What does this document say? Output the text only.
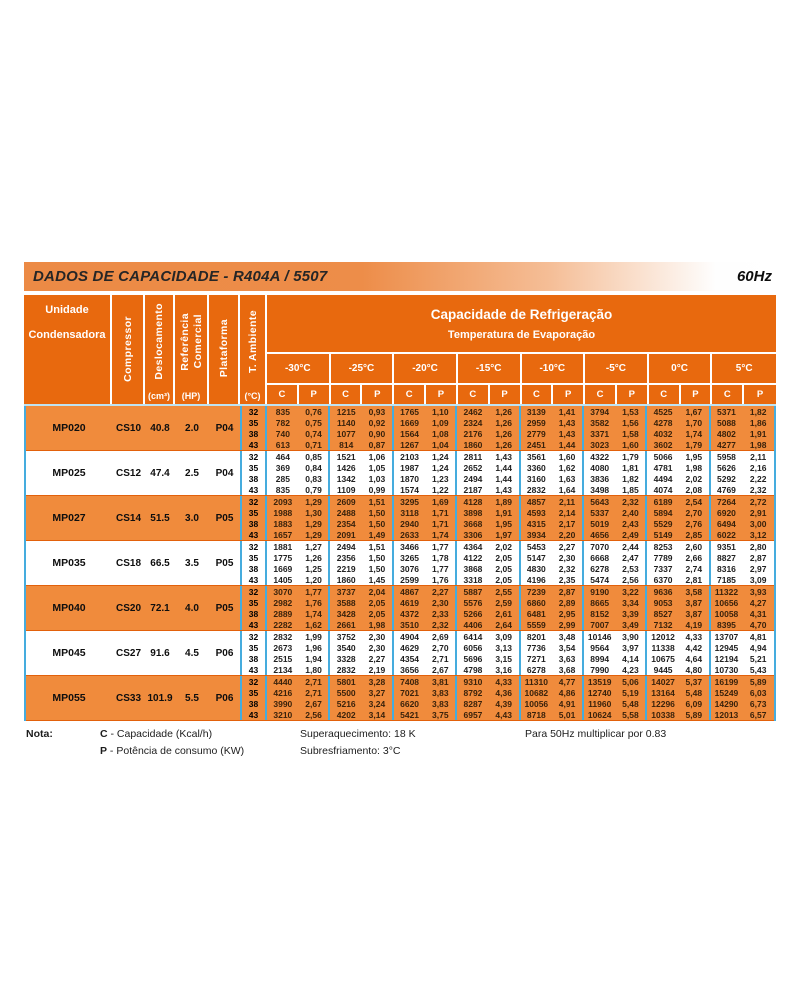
DADOS DE CAPACIDADE - R404A / 5507	60Hz
Unidade
Condensadora Compressor Deslocamento
(cm³)
Referência Comercial
(HP)
Plataforma T. Ambiente
(°C)
Capacidade de Refrigeração
Temperatura de Evaporação
-30°C	-25°C	-20°C	-15°C	-10°C	-5°C	0°C	5°C
C	P	C	P	C	P	C	P	C	P	C	P	C	P	C	P
MP020	CS10 40.8	2.0	P04
32	835	0,76	1215	0,93	1765	1,10	2462	1,26	3139	1,41	3794	1,53	4525	1,67	5371	1,82
35	782	0,75	1140	0,92	1669	1,09	2324	1,26	2959	1,43	3582	1,56	4278	1,70	5088	1,86
38	740	0,74	1077	0,90	1564	1,08	2176	1,26	2779	1,43	3371	1,58	4032	1,74	4802	1,91
43	613	0,71	814	0,87	1267	1,04	1860	1,26	2451	1,44	3023	1,60	3602	1,79	4277	1,98
MP025	CS12 47.4	2.5	P04
32	464	0,85	1521	1,06	2103	1,24	2811	1,43	3561	1,60	4322	1,79	5066	1,95	5958	2,11
35	369	0,84	1426	1,05	1987	1,24	2652	1,44	3360	1,62	4080	1,81	4781	1,98	5626	2,16
38	285	0,83	1342	1,03	1870	1,23	2494	1,44	3160	1,63	3836	1,82	4494	2,02	5292	2,22
43	835	0,79	1109	0,99	1574	1,22	2187	1,43	2832	1,64	3498	1,85	4074	2,08	4769	2,32
MP027	CS14 51.5	3.0	P05
32	2093	1,29	2609	1,51	3295	1,69	4128	1,89	4857	2,11	5643	2,32	6189	2,54	7264	2,72
35	1988	1,30	2488	1,50	3118	1,71	3898	1,91	4593	2,14	5337	2,40	5894	2,70	6920	2,91
38	1883	1,29	2354	1,50	2940	1,71	3668	1,95	4315	2,17	5019	2,43	5529	2,76	6494	3,00
43	1657	1,29	2091	1,49	2633	1,74	3306	1,97	3934	2,20	4656	2,49	5149	2,85	6022	3,12
MP035	CS18 66.5	3.5	P05
32	1881	1,27	2494	1,51	3466	1,77	4364	2,02	5453	2,27	7070	2,44	8253	2,60	9351	2,80
35	1775	1,26	2356	1,50	3265	1,78	4122	2,05	5147	2,30	6668	2,47	7789	2,66	8827	2,87
38	1669	1,25	2219	1,50	3076	1,77	3868	2,05	4830	2,32	6278	2,53	7337	2,74	8316	2,97
43	1405	1,20	1860	1,45	2599	1,76	3318	2,05	4196	2,35	5474	2,56	6370	2,81	7185	3,09
MP040	CS20 72.1	4.0	P05
32	3070	1,77	3737	2,04	4867	2,27	5887	2,55	7239	2,87	9190	3,22	9636	3,58	11322	3,93
35	2982	1,76	3588	2,05	4619	2,30	5576	2,59	6860	2,89	8665	3,34	9053	3,87	10656	4,27
38	2889	1,74	3428	2,05	4372	2,33	5266	2,61	6481	2,95	8152	3,39	8527	3,87	10058	4,31
43	2282	1,62	2661	1,98	3510	2,32	4406	2,64	5559	2,99	7007	3,49	7132	4,19	8395	4,70
MP045	CS27 91.6	4.5	P06
32	2832	1,99	3752	2,30	4904	2,69	6414	3,09	8201	3,48	10146	3,90	12012	4,33	13707	4,81
35	2673	1,96	3540	2,30	4629	2,70	6056	3,13	7736	3,54	9564	3,97	11338	4,42	12945	4,94
38	2515	1,94	3328	2,27	4354	2,71	5696	3,15	7271	3,63	8994	4,14	10675	4,64	12194	5,21
43	2134	1,80	2832	2,19	3656	2,67	4798	3,16	6278	3,68	7990	4,23	9445	4,80	10730	5,43
MP055	CS33 101.9	5.5	P06
32	4440	2,71	5801	3,28	7408	3,81	9310	4,33	11310	4,77	13519	5,06	14027	5,37	16199	5,89
35	4216	2,71	5500	3,27	7021	3,83	8792	4,36	10682	4,86	12740	5,19	13164	5,48	15249	6,03
38	3990	2,67	5216	3,24	6620	3,83	8287	4,39	10056	4,91	11960	5,48	12296	6,09	14290	6,73
43	3210	2,56	4202	3,14	5421	3,75	6957	4,43	8718	5,01	10624	5,58	10338	5,89	12013	6,57
Nota:	C - Capacidade (Kcal/h)
P - Potência de consumo (KW)
Superaquecimento: 18 K
Subresfriamento: 3°C
Para 50Hz multiplicar por 0.83
